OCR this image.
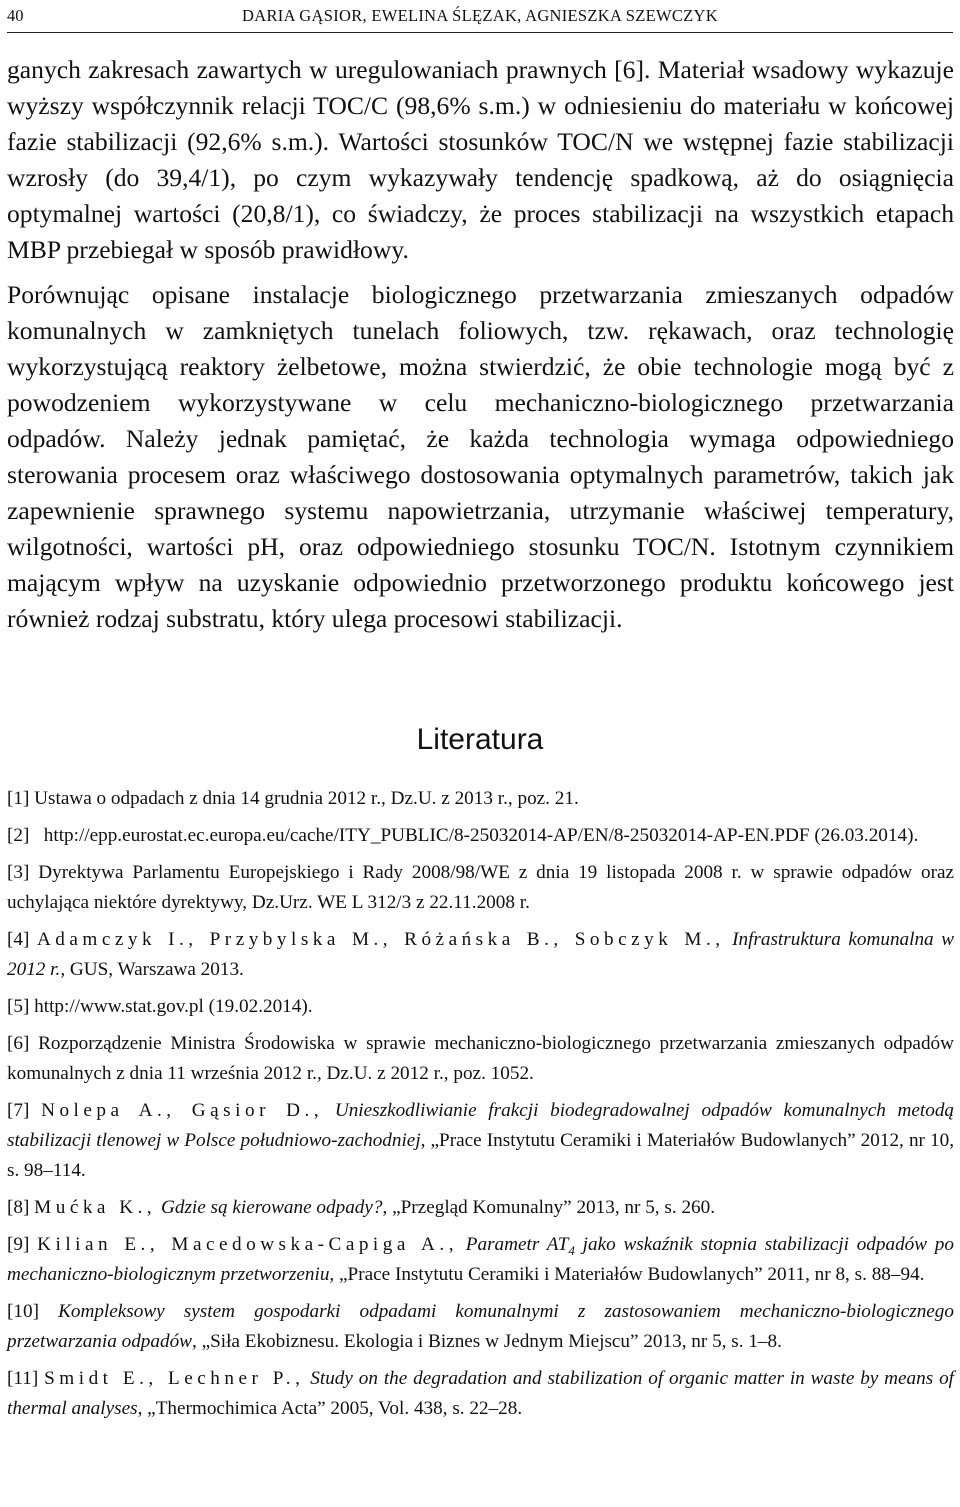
40	DARIA GĄSIOR, EWELINA ŚLĘZAK, AGNIESZKA SZEWCZYK

ganych zakresach zawartych w uregulowaniach prawnych [6]. Materiał wsadowy wykazuje wyższy współczynnik relacji TOC/C (98,6% s.m.) w odniesieniu do materiału w końcowej fazie stabilizacji (92,6% s.m.). Wartości stosunków TOC/N we wstępnej fazie stabilizacji wzrosły (do 39,4/1), po czym wykazywały tendencję spadkową, aż do osiągnięcia optymalnej wartości (20,8/1), co świadczy, że proces stabilizacji na wszystkich etapach MBP przebiegał w sposób prawidłowy.

Porównując opisane instalacje biologicznego przetwarzania zmieszanych odpadów komunalnych w zamkniętych tunelach foliowych, tzw. rękawach, oraz technologię wykorzystującą reaktory żelbetowe, można stwierdzić, że obie technologie mogą być z powodzeniem wykorzystywane w celu mechaniczno-biologicznego przetwarzania odpadów. Należy jednak pamiętać, że każda technologia wymaga odpowiedniego sterowania procesem oraz właściwego dostosowania optymalnych parametrów, takich jak zapewnienie sprawnego systemu napowietrzania, utrzymanie właściwej temperatury, wilgotności, wartości pH, oraz odpowiedniego stosunku TOC/N. Istotnym czynnikiem mającym wpływ na uzyskanie odpowiednio przetworzonego produktu końcowego jest również rodzaj substratu, który ulega procesowi stabilizacji.

Literatura

[1] Ustawa o odpadach z dnia 14 grudnia 2012 r., Dz.U. z 2013 r., poz. 21.

[2] http://epp.eurostat.ec.europa.eu/cache/ITY_PUBLIC/8-25032014-AP/EN/8-25032014-AP-EN.PDF (26.03.2014).

[3] Dyrektywa Parlamentu Europejskiego i Rady 2008/98/WE z dnia 19 listopada 2008 r. w sprawie odpadów oraz uchylająca niektóre dyrektywy, Dz.Urz. WE L 312/3 z 22.11.2008 r.

[4] Adamczyk I., Przybylska M., Różańska B., Sobczyk M., Infrastruktura komunalna w 2012 r., GUS, Warszawa 2013.

[5] http://www.stat.gov.pl (19.02.2014).

[6] Rozporządzenie Ministra Środowiska w sprawie mechaniczno-biologicznego przetwarzania zmieszanych odpadów komunalnych z dnia 11 września 2012 r., Dz.U. z 2012 r., poz. 1052.

[7] Nolepa A., Gąsior D., Unieszkodliwianie frakcji biodegradowalnej odpadów komunalnych metodą stabilizacji tlenowej w Polsce południowo-zachodniej, „Prace Instytutu Ceramiki i Materiałów Budowlanych” 2012, nr 10, s. 98–114.

[8] Mućka K., Gdzie są kierowane odpady?, „Przegląd Komunalny” 2013, nr 5, s. 260.

[9] Kilian E., Macedowska-Capiga A., Parametr $AT_4$ jako wskaźnik stopnia stabilizacji odpadów po mechaniczno-biologicznym przetworzeniu, „Prace Instytutu Ceramiki i Materiałów Budowlanych” 2011, nr 8, s. 88–94.

[10] Kompleksowy system gospodarki odpadami komunalnymi z zastosowaniem mechaniczno-biologicznego przetwarzania odpadów, „Siła Ekobiznesu. Ekologia i Biznes w Jednym Miejscu” 2013, nr 5, s. 1–8.

[11] Smidt E., Lechner P., Study on the degradation and stabilization of organic matter in waste by means of thermal analyses, „Thermochimica Acta” 2005, Vol. 438, s. 22–28.
